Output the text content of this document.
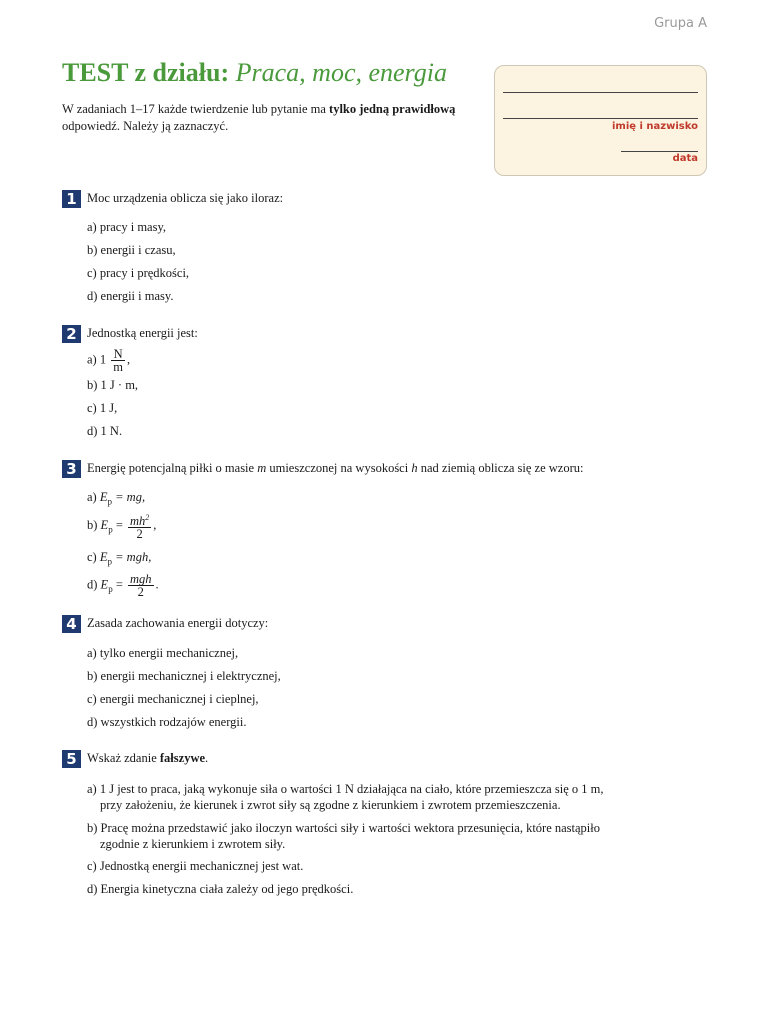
Grupa A
TEST z działu: Praca, moc, energia
W zadaniach 1–17 każde twierdzenie lub pytanie ma tylko jedną prawidłową odpowiedź. Należy ją zaznaczyć.	imię i nazwisko
data
1 Moc urządzenia oblicza się jako iloraz:
a) pracy i masy,
b) energii i czasu,
c) pracy i prędkości,
d) energii i masy.
2 Jednostką energii jest:
a) $1 \frac{N}{m}$ ,
b) 1 J · m,
c) 1 J,
d) 1 N.
3 Energię potencjalną piłki o masie m umieszczonej na wysokości h nad ziemią oblicza się ze wzoru:
a) $E_p$ = mg,
b) $E_p = \frac{mh^2}{2}$ ,
c) $E_p$ = mgh,
d) $E_p = \frac{\text{mgh}}{2}$ .
4 Zasada zachowania energii dotyczy:
a) tylko energii mechanicznej,
b) energii mechanicznej i elektrycznej,
c) energii mechanicznej i cieplnej,
d) wszystkich rodzajów energii.
5 Wskaż zdanie fałszywe.
a) 1 J jest to praca, jaką wykonuje siła o wartości 1 N działająca na ciało, które przemieszcza się o 1 m,
przy założeniu, że kierunek i zwrot siły są zgodne z kierunkiem i zwrotem przemieszczenia.
b) Pracę można przedstawić jako iloczyn wartości siły i wartości wektora przesunięcia, które nastąpiło
zgodnie z kierunkiem i zwrotem siły.
c) Jednostką energii mechanicznej jest wat.
d) Energia kinetyczna ciała zależy od jego prędkości.
